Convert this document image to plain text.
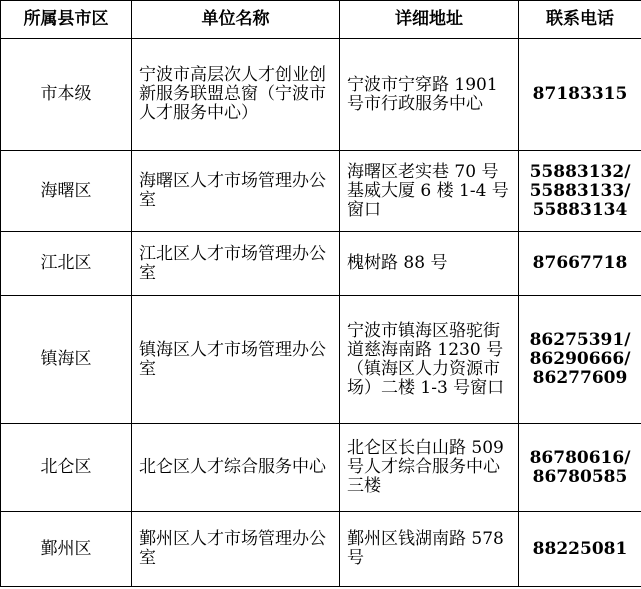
所属县市区	单位名称	详细地址	联系电话
市本级	宁波市高层次人才创业创新服务联盟总窗（宁波市人才服务中心）	宁波市宁穿路 1901 号市行政服务中心	87183315

海曙区	海曙区人才市场管理办公室	海曙区老实巷 70 号基威大厦 6 楼 1-4 号窗口	55883132/
55883133/
55883134

江北区	江北区人才市场管理办公室	槐树路 88 号	87667718

镇海区	镇海区人才市场管理办公室	宁波市镇海区骆驼街道慈海南路 1230 号（镇海区人力资源市场）二楼 1-3 号窗口	86275391/
86290666/
86277609

北仑区	北仑区人才综合服务中心	北仑区长白山路 509 号人才综合服务中心三楼	86780616/
86780585

鄞州区	鄞州区人才市场管理办公室	鄞州区钱湖南路 578 号	88225081
